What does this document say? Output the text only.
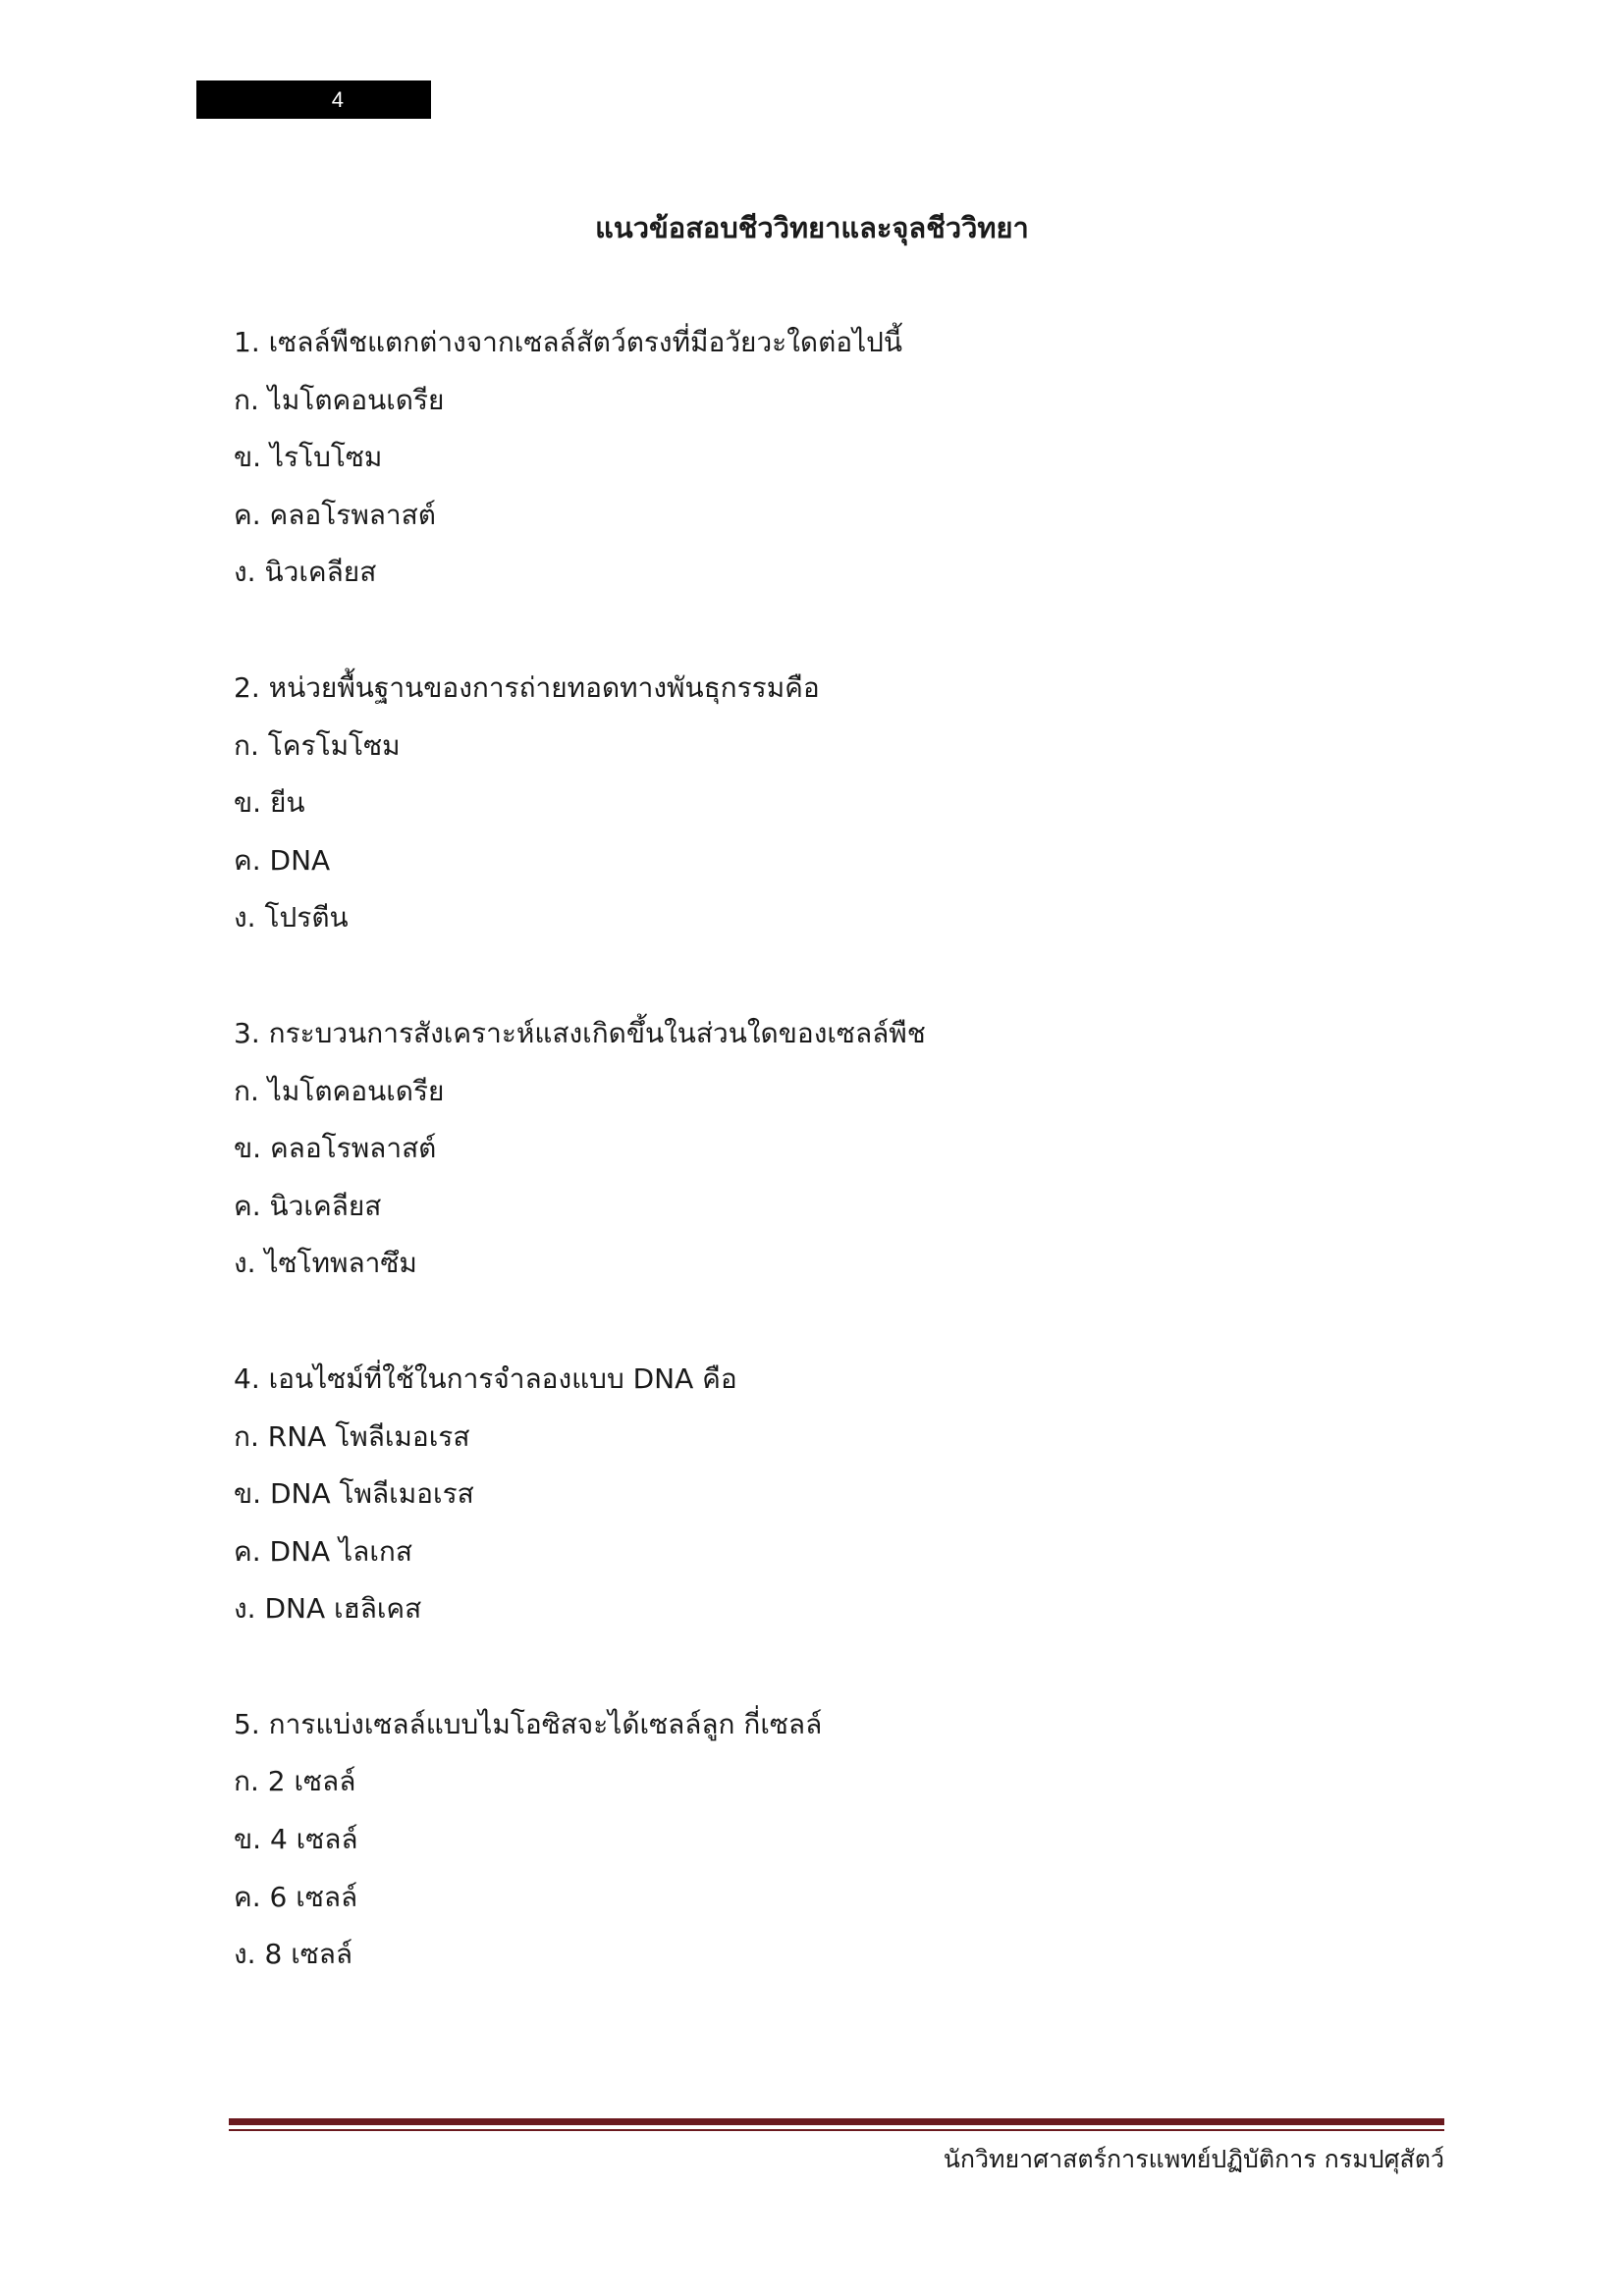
4
แนวข้อสอบชีววิทยาและจุลชีววิทยา
1. เซลล์พืชแตกต่างจากเซลล์สัตว์ตรงที่มีอวัยวะใดต่อไปนี้
ก. ไมโตคอนเดรีย
ข. ไรโบโซม
ค. คลอโรพลาสต์
ง. นิวเคลียส
2. หน่วยพื้นฐานของการถ่ายทอดทางพันธุกรรมคือ
ก. โครโมโซม
ข. ยีน
ค. DNA
ง. โปรตีน
3. กระบวนการสังเคราะห์แสงเกิดขึ้นในส่วนใดของเซลล์พืช
ก. ไมโตคอนเดรีย
ข. คลอโรพลาสต์
ค. นิวเคลียส
ง. ไซโทพลาซึม
4. เอนไซม์ที่ใช้ในการจำลองแบบ DNA คือ
ก. RNA โพลีเมอเรส
ข. DNA โพลีเมอเรส
ค. DNA ไลเกส
ง. DNA เฮลิเคส
5. การแบ่งเซลล์แบบไมโอซิสจะได้เซลล์ลูก กี่เซลล์
ก. 2 เซลล์
ข. 4 เซลล์
ค. 6 เซลล์
ง. 8 เซลล์
นักวิทยาศาสตร์การแพทย์ปฏิบัติการ กรมปศุสัตว์
